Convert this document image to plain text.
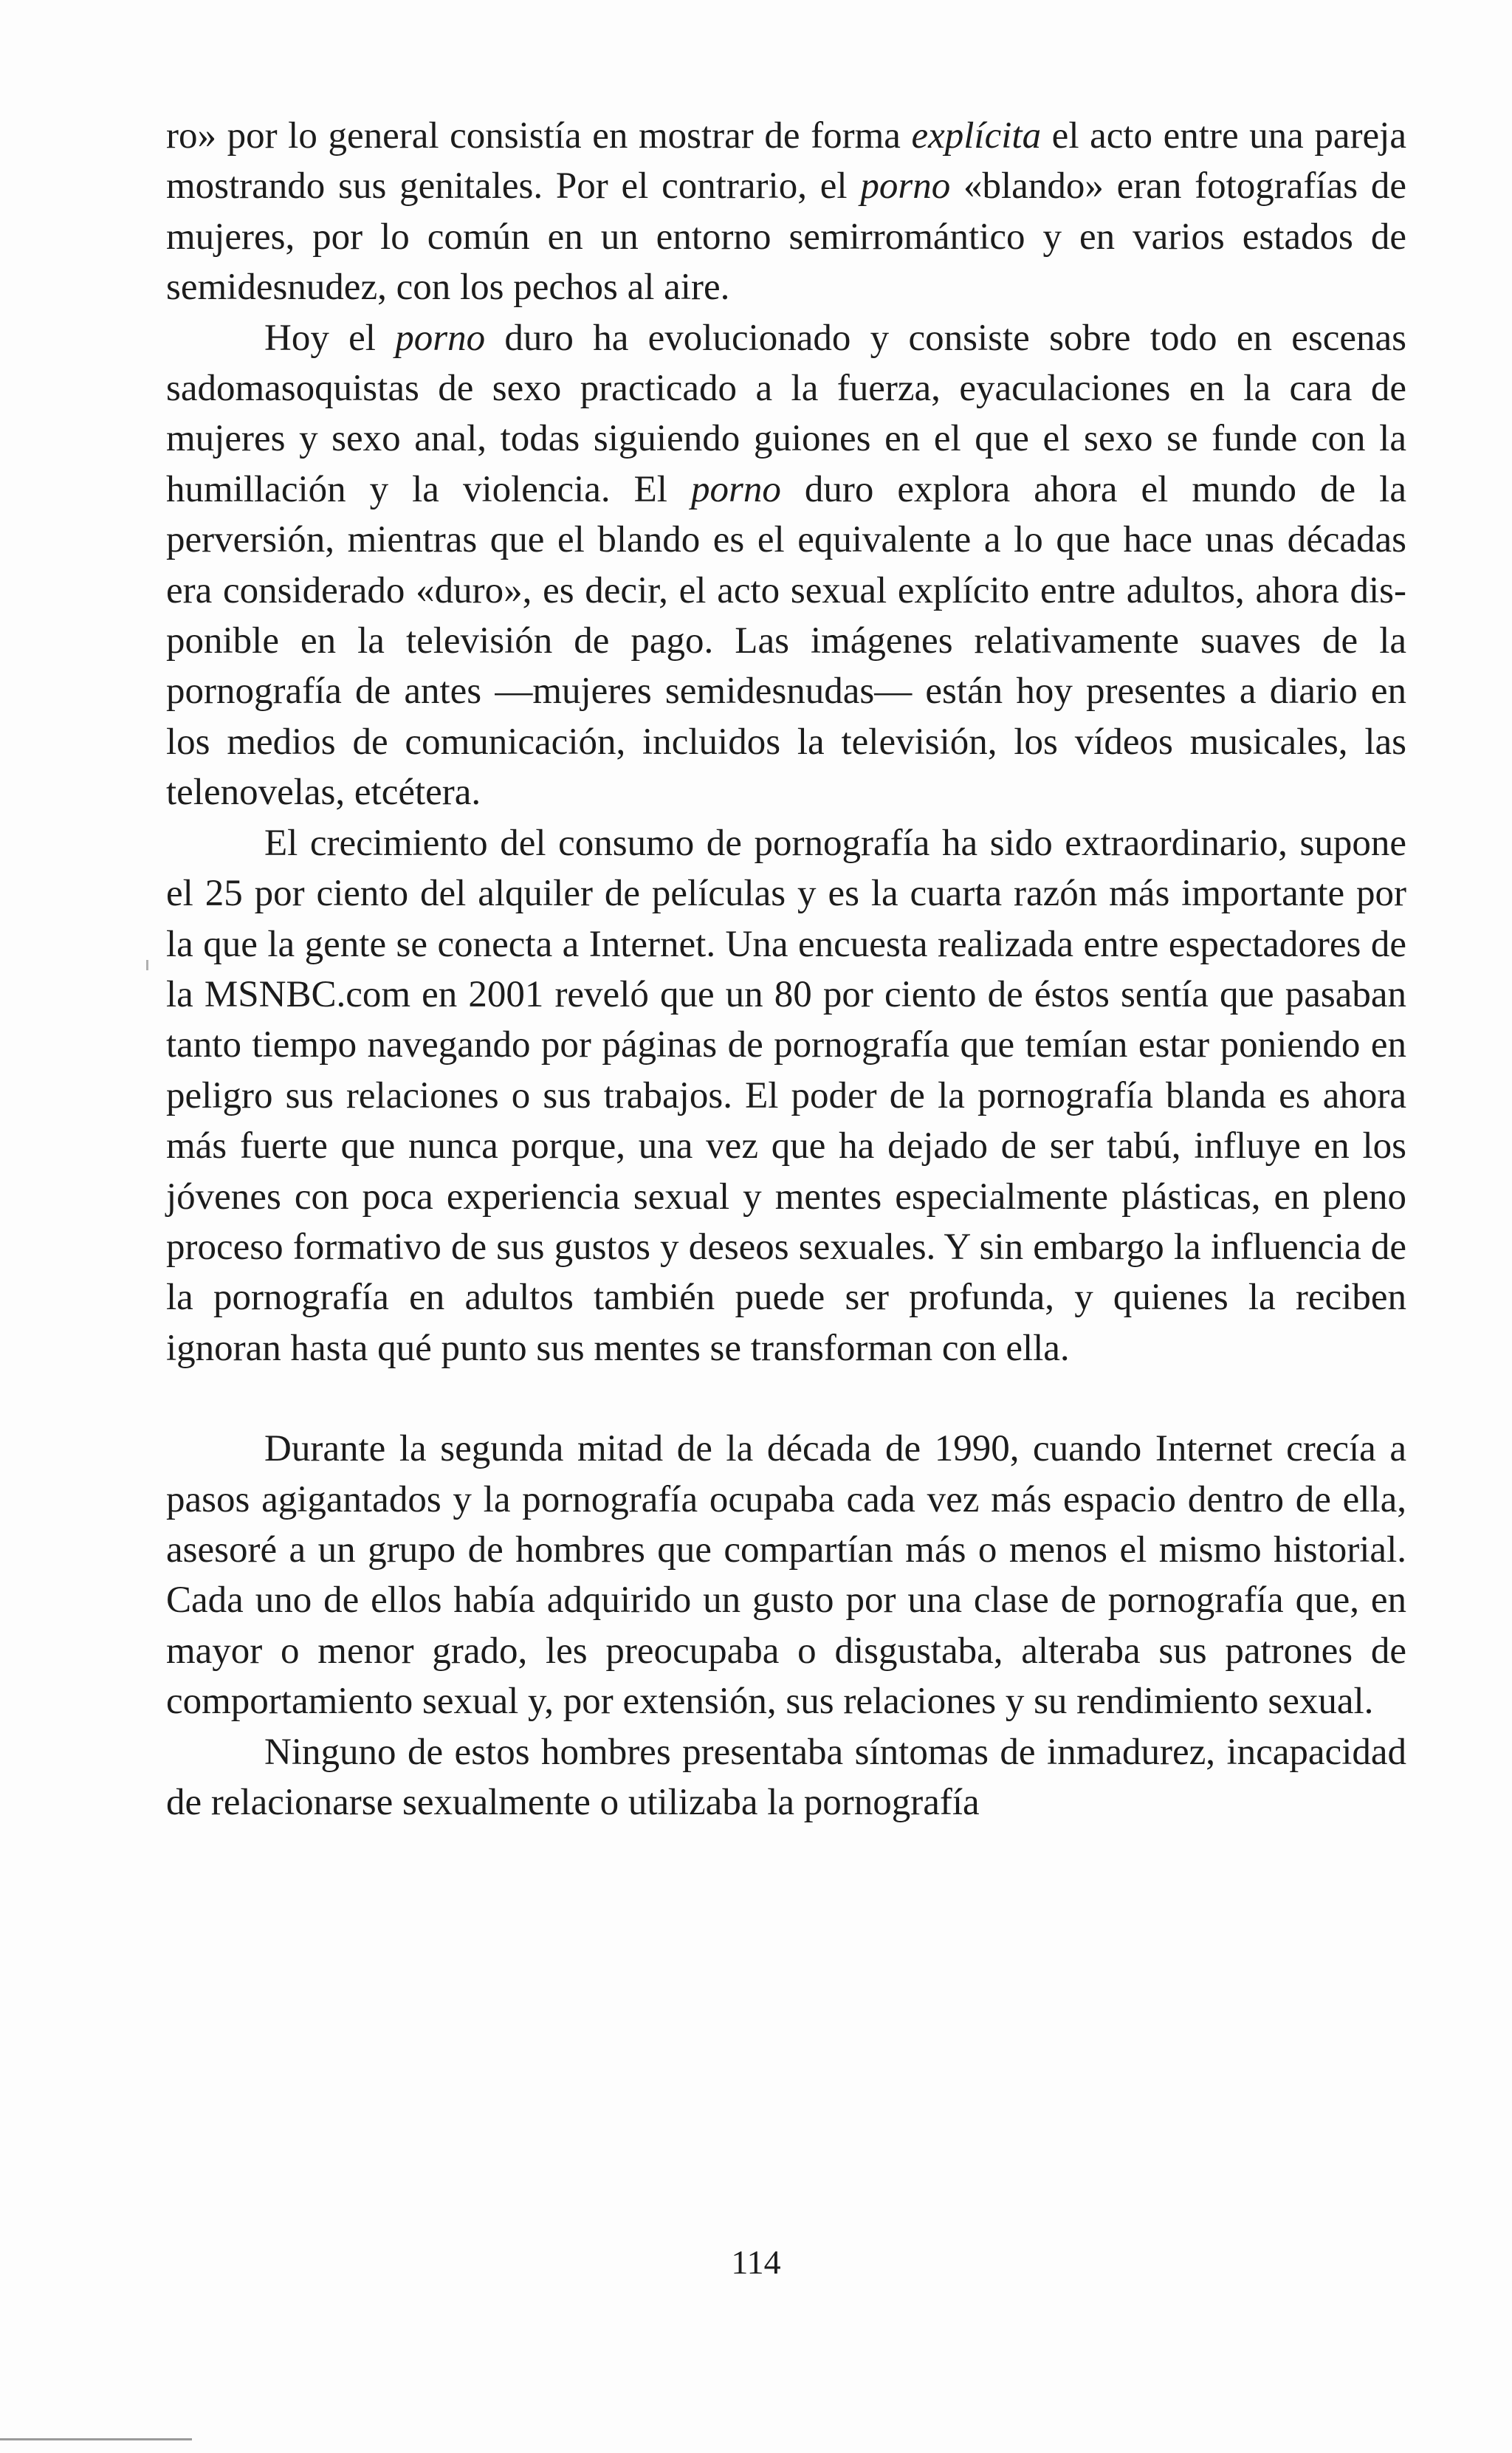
ro» por lo general consistía en mostrar de forma explícita el acto entre una pareja mostrando sus genitales. Por el contrario, el porno «blando» eran fotografías de mujeres, por lo común en un entorno semirromántico y en varios estados de semidesnudez, con los pechos al aire.

Hoy el porno duro ha evolucionado y consiste sobre todo en escenas sadomasoquistas de sexo practicado a la fuerza, eyaculaciones en la cara de mujeres y sexo anal, todas siguiendo guiones en el que el sexo se funde con la humillación y la violencia. El porno duro explora ahora el mundo de la perversión, mientras que el blando es el equivalente a lo que hace unas décadas era considerado «duro», es decir, el acto sexual explícito entre adultos, ahora disponible en la televisión de pago. Las imágenes relativamente suaves de la pornografía de antes —mujeres semidesnudas— están hoy presentes a diario en los medios de comunicación, incluidos la televisión, los vídeos musicales, las telenovelas, etcétera.

El crecimiento del consumo de pornografía ha sido extraordinario, supone el 25 por ciento del alquiler de películas y es la cuarta razón más importante por la que la gente se conecta a Internet. Una encuesta realizada entre espectadores de la MSNBC.com en 2001 reveló que un 80 por ciento de éstos sentía que pasaban tanto tiempo navegando por páginas de pornografía que temían estar poniendo en peligro sus relaciones o sus trabajos. El poder de la pornografía blanda es ahora más fuerte que nunca porque, una vez que ha dejado de ser tabú, influye en los jóvenes con poca experiencia sexual y mentes especialmente plásticas, en pleno proceso formativo de sus gustos y deseos sexuales. Y sin embargo la influencia de la pornografía en adultos también puede ser profunda, y quienes la reciben ignoran hasta qué punto sus mentes se transforman con ella.

Durante la segunda mitad de la década de 1990, cuando Internet crecía a pasos agigantados y la pornografía ocupaba cada vez más espacio dentro de ella, asesoré a un grupo de hombres que compartían más o menos el mismo historial. Cada uno de ellos había adquirido un gusto por una clase de pornografía que, en mayor o menor grado, les preocupaba o disgustaba, alteraba sus patrones de comportamiento sexual y, por extensión, sus relaciones y su rendimiento sexual.

Ninguno de estos hombres presentaba síntomas de inmadurez, incapacidad de relacionarse sexualmente o utilizaba la pornografía

114
